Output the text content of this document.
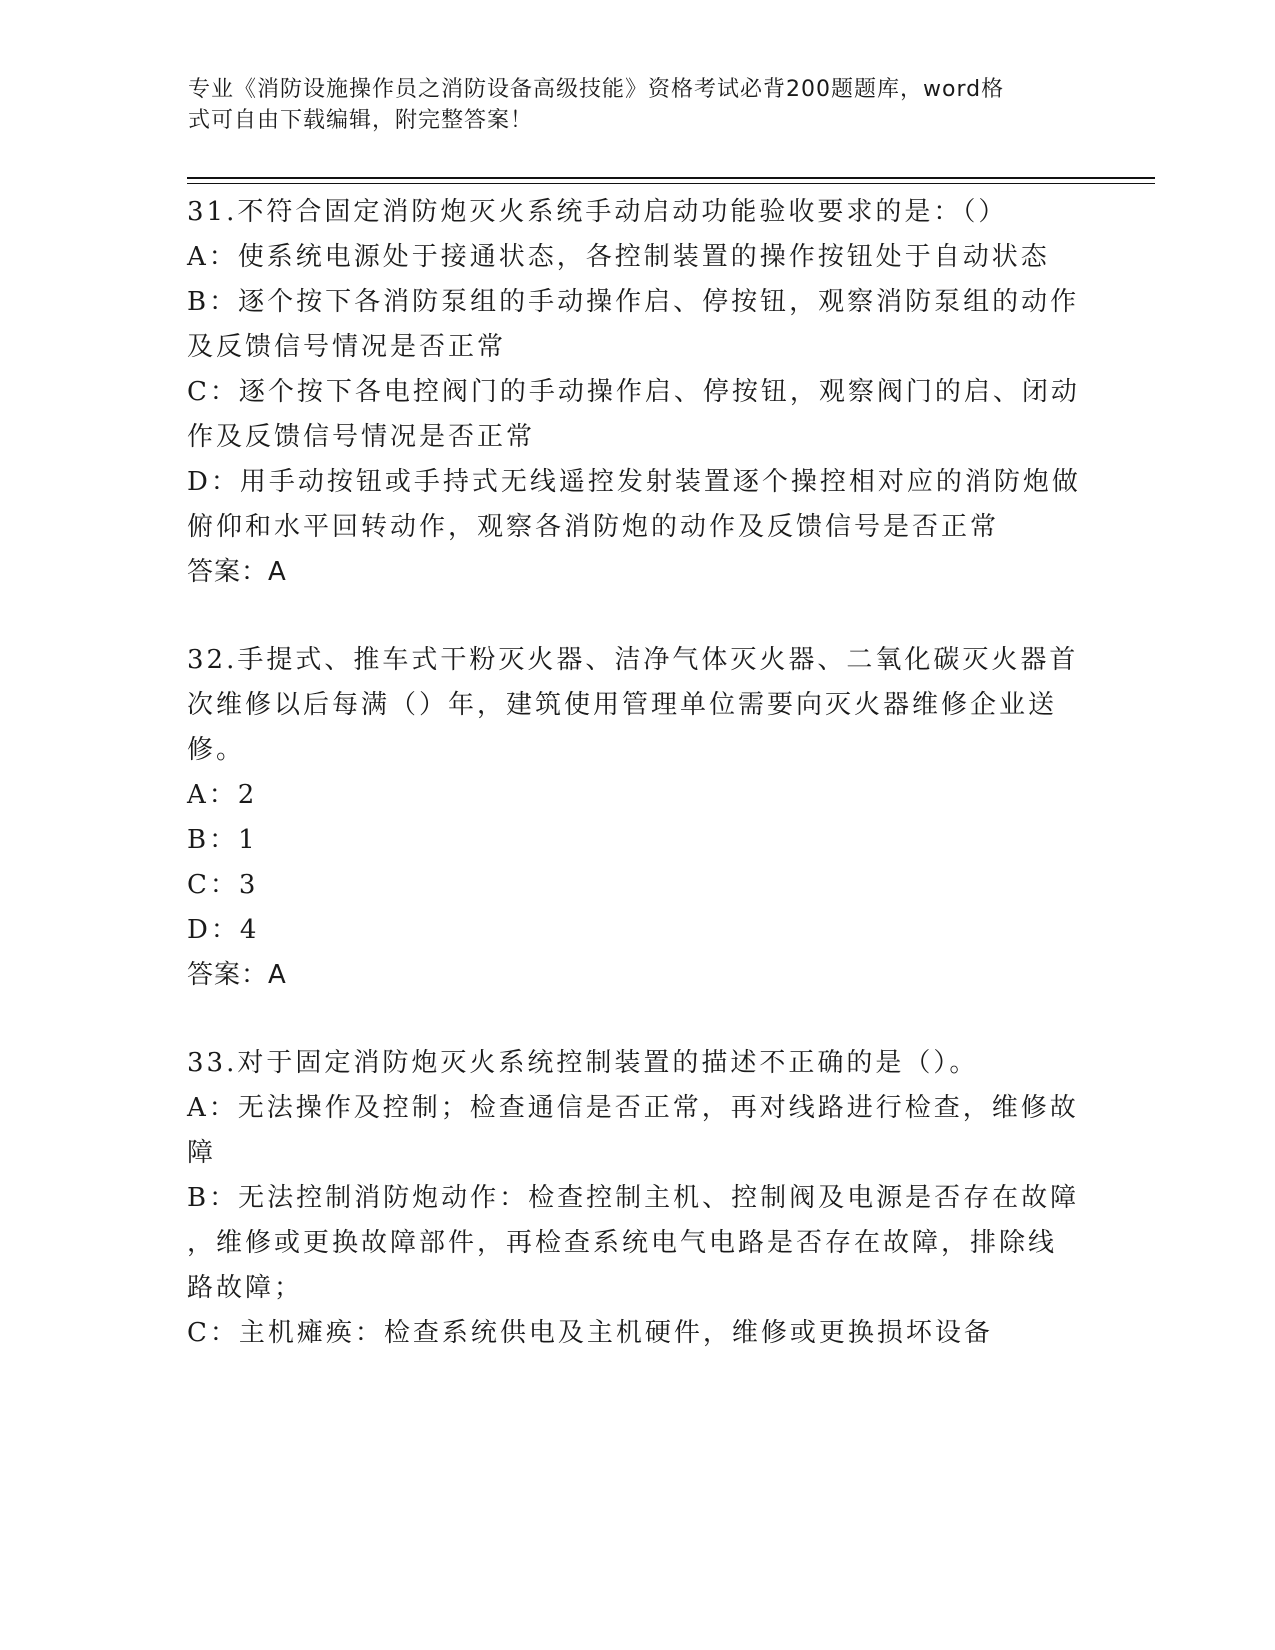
专业《消防设施操作员之消防设备高级技能》资格考试必背200题题库，word格
式可自由下载编辑，附完整答案！

31.不符合固定消防炮灭火系统手动启动功能验收要求的是：（）

A：使系统电源处于接通状态，各控制装置的操作按钮处于自动状态

B：逐个按下各消防泵组的手动操作启、停按钮，观察消防泵组的动作

及反馈信号情况是否正常

C：逐个按下各电控阀门的手动操作启、停按钮，观察阀门的启、闭动

作及反馈信号情况是否正常

D：用手动按钮或手持式无线遥控发射装置逐个操控相对应的消防炮做

俯仰和水平回转动作，观察各消防炮的动作及反馈信号是否正常

答案：A

32.手提式、推车式干粉灭火器、洁净气体灭火器、二氧化碳灭火器首

次维修以后每满（）年，建筑使用管理单位需要向灭火器维修企业送

修。

A：2

B：1

C：3

D：4

答案：A

33.对于固定消防炮灭火系统控制装置的描述不正确的是（）。

A：无法操作及控制；检查通信是否正常，再对线路进行检查，维修故

障

B：无法控制消防炮动作：检查控制主机、控制阀及电源是否存在故障

，维修或更换故障部件，再检查系统电气电路是否存在故障，排除线

路故障；

C：主机瘫痪：检查系统供电及主机硬件，维修或更换损坏设备
